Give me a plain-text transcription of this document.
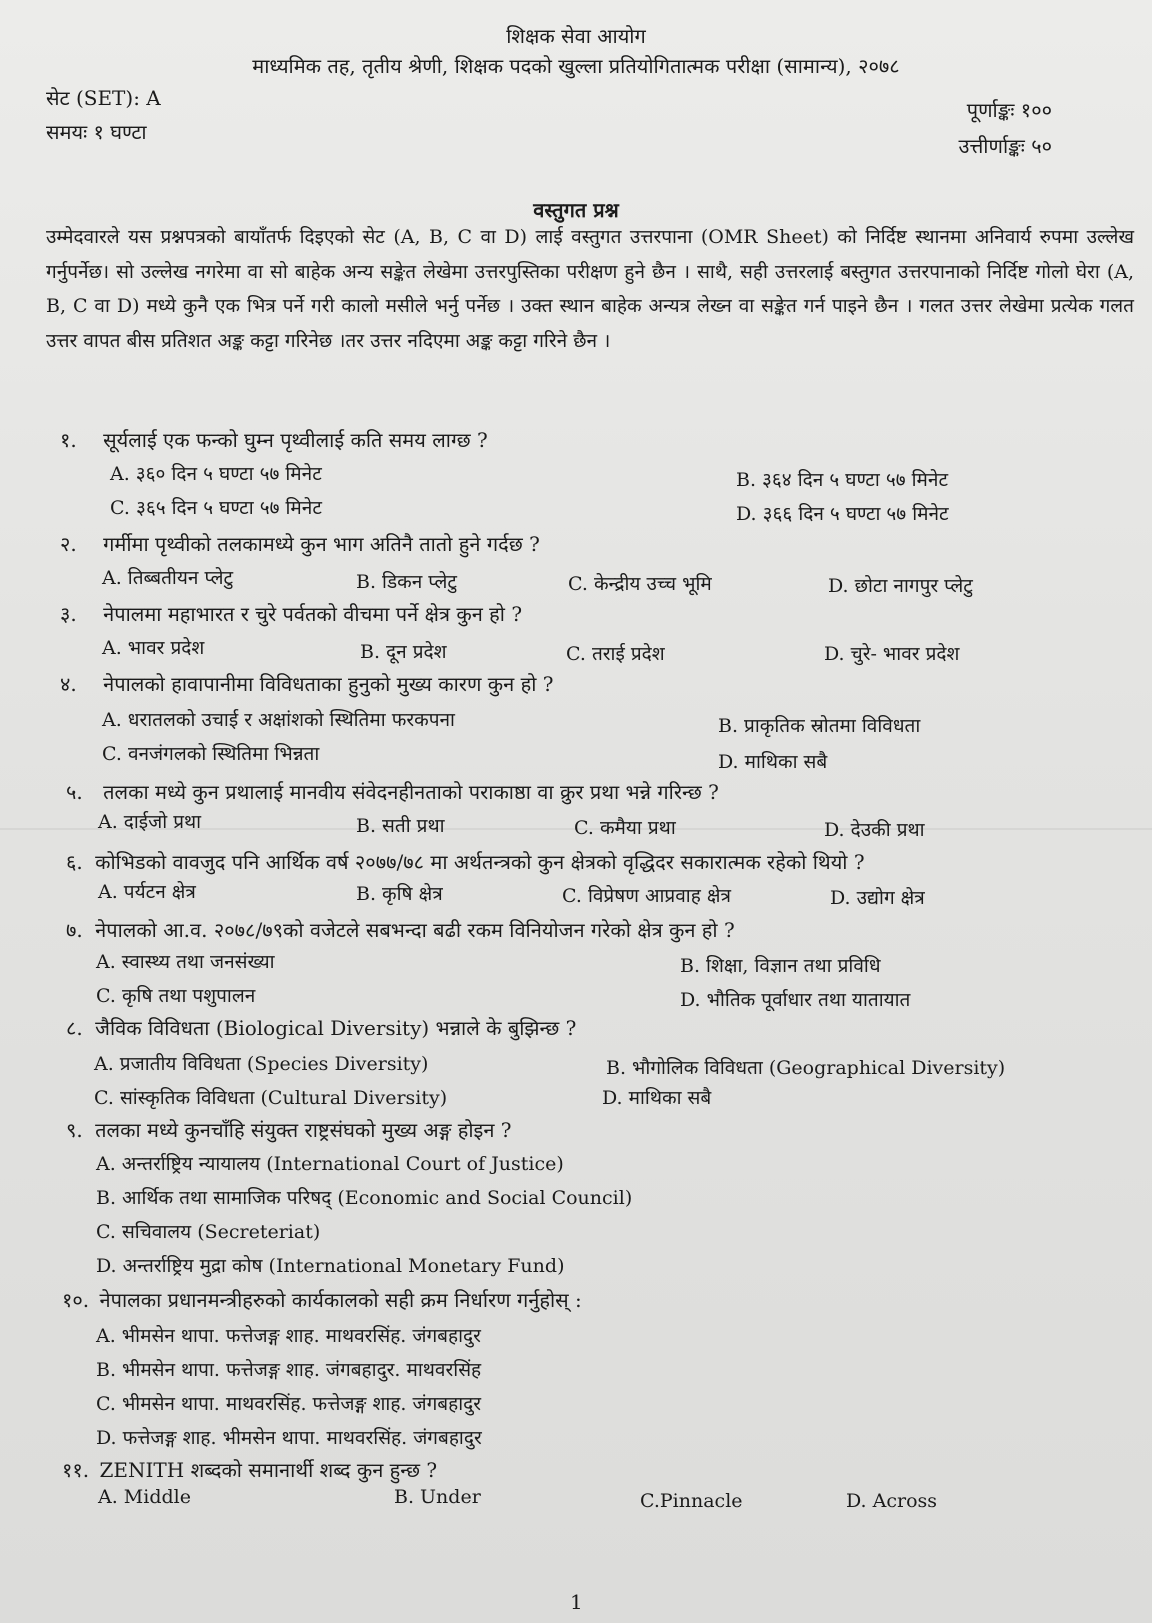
शिक्षक सेवा आयोग
माध्यमिक तह, तृतीय श्रेणी, शिक्षक पदको खुल्ला प्रतियोगितात्मक परीक्षा (सामान्य), २०७८
सेट (SET): A
समयः १ घण्टा
पूर्णाङ्कः १००
उत्तीर्णाङ्कः ५०
वस्तुगत प्रश्न
उम्मेदवारले यस प्रश्नपत्रको बायाँतर्फ दिइएको सेट (A, B, C वा D) लाई वस्तुगत उत्तरपाना (OMR Sheet) को निर्दिष्ट स्थानमा अनिवार्य रुपमा उल्लेख गर्नुपर्नेछ। सो उल्लेख नगरेमा वा सो बाहेक अन्य सङ्केत लेखेमा उत्तरपुस्तिका परीक्षण हुने छैन । साथै, सही उत्तरलाई बस्तुगत उत्तरपानाको निर्दिष्ट गोलो घेरा (A, B, C वा D) मध्ये कुनै एक भित्र पर्ने गरी कालो मसीले भर्नु पर्नेछ । उक्त स्थान बाहेक अन्यत्र लेख्न वा सङ्केत गर्न पाइने छैन । गलत उत्तर लेखेमा प्रत्येक गलत उत्तर वापत बीस प्रतिशत अङ्क कट्टा गरिनेछ ।तर उत्तर नदिएमा अङ्क कट्टा गरिने छैन ।
१. सूर्यलाई एक फन्को घुम्न पृथ्वीलाई कति समय लाग्छ ?
A. ३६० दिन ५ घण्टा ५७ मिनेट	B. ३६४ दिन ५ घण्टा ५७ मिनेट
C. ३६५ दिन ५ घण्टा ५७ मिनेट	D. ३६६ दिन ५ घण्टा ५७ मिनेट
२. गर्मीमा पृथ्वीको तलकामध्ये कुन भाग अतिनै तातो हुने गर्दछ ?
A. तिब्बतीयन प्लेटु	B. डिकन प्लेटु	C. केन्द्रीय उच्च भूमि	D. छोटा नागपुर प्लेटु
३. नेपालमा महाभारत र चुरे पर्वतको वीचमा पर्ने क्षेत्र कुन हो ?
A. भावर प्रदेश	B. दून प्रदेश	C. तराई प्रदेश	D. चुरे- भावर प्रदेश
४. नेपालको हावापानीमा विविधताका हुनुको मुख्य कारण कुन हो ?
A. धरातलको उचाई र अक्षांशको स्थितिमा फरकपना	B. प्राकृतिक स्रोतमा विविधता
C. वनजंगलको स्थितिमा भिन्नता	D. माथिका सबै
५. तलका मध्ये कुन प्रथालाई मानवीय संवेदनहीनताको पराकाष्ठा वा क्रुर प्रथा भन्ने गरिन्छ ?
A. दाईजो प्रथा	B. सती प्रथा	C. कमैया प्रथा	D. देउकी प्रथा
६. कोभिडको वावजुद पनि आर्थिक वर्ष २०७७/७८ मा अर्थतन्त्रको कुन क्षेत्रको वृद्धिदर सकारात्मक रहेको थियो ?
A. पर्यटन क्षेत्र	B. कृषि क्षेत्र	C. विप्रेषण आप्रवाह क्षेत्र	D. उद्योग क्षेत्र
७. नेपालको आ.व. २०७८/७९को वजेटले सबभन्दा बढी रकम विनियोजन गरेको क्षेत्र कुन हो ?
A. स्वास्थ्य तथा जनसंख्या	B. शिक्षा, विज्ञान तथा प्रविधि
C. कृषि तथा पशुपालन	D. भौतिक पूर्वाधार तथा यातायात
८. जैविक विविधता (Biological Diversity) भन्नाले के बुझिन्छ ?
A. प्रजातीय विविधता (Species Diversity)	B. भौगोलिक विविधता (Geographical Diversity)
C. सांस्कृतिक विविधता (Cultural Diversity)	D. माथिका सबै
९. तलका मध्ये कुनचाँहि संयुक्त राष्ट्रसंघको मुख्य अङ्ग होइन ?
A. अन्तर्राष्ट्रिय न्यायालय (International Court of Justice)
B. आर्थिक तथा सामाजिक परिषद् (Economic and Social Council)
C. सचिवालय (Secreteriat)
D. अन्तर्राष्ट्रिय मुद्रा कोष (International Monetary Fund)
१०. नेपालका प्रधानमन्त्रीहरुको कार्यकालको सही क्रम निर्धारण गर्नुहोस् :
A. भीमसेन थापा. फत्तेजङ्ग शाह. माथवरसिंह. जंगबहादुर
B. भीमसेन थापा. फत्तेजङ्ग शाह. जंगबहादुर. माथवरसिंह
C. भीमसेन थापा. माथवरसिंह. फत्तेजङ्ग शाह. जंगबहादुर
D. फत्तेजङ्ग शाह. भीमसेन थापा. माथवरसिंह. जंगबहादुर
११. ZENITH शब्दको समानार्थी शब्द कुन हुन्छ ?
A. Middle	B. Under	C.Pinnacle	D. Across
1
